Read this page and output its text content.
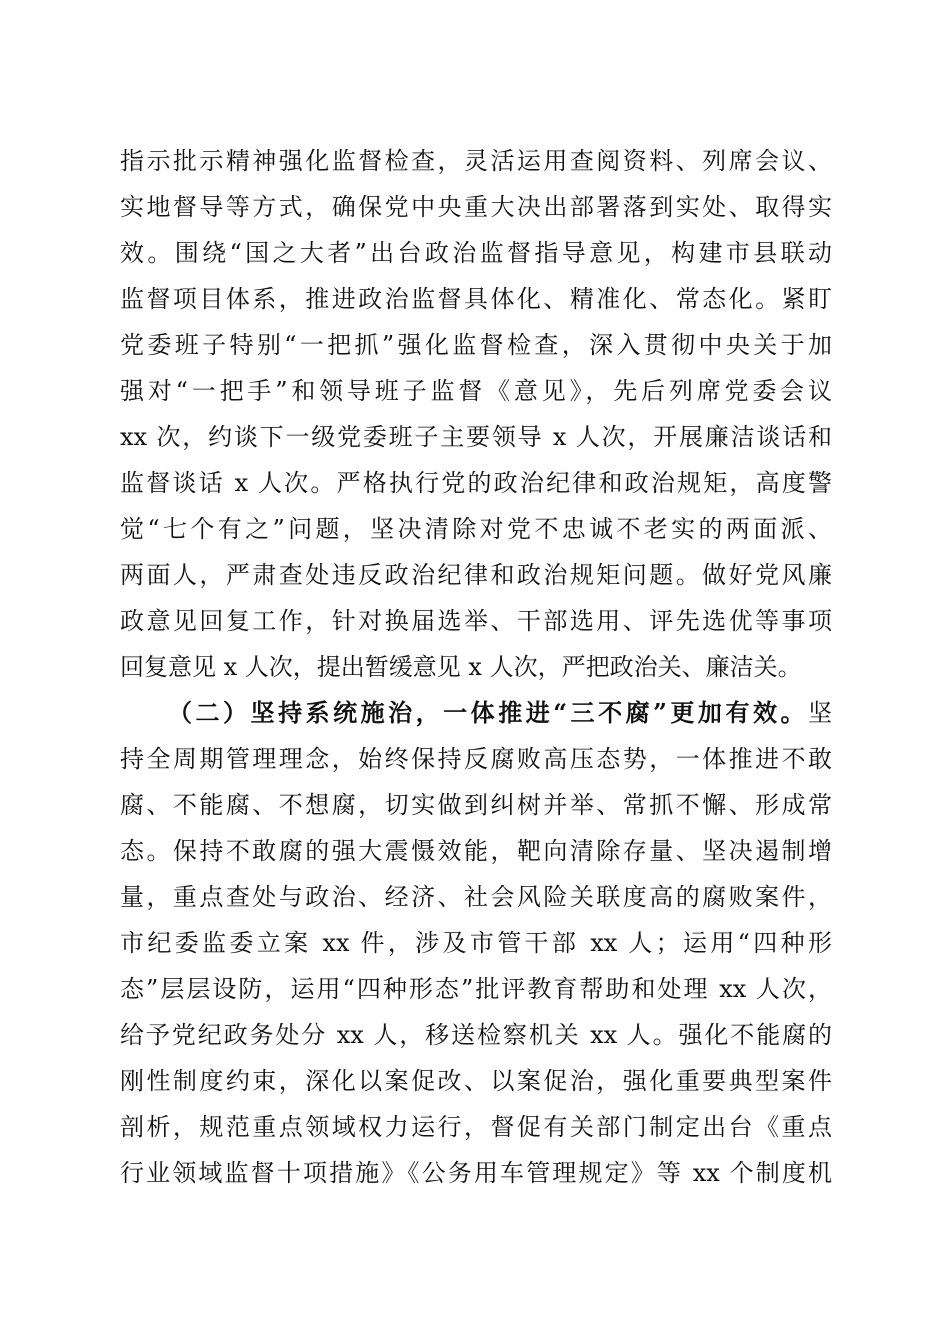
指示批示精神强化监督检查，灵活运用查阅资料、列席会议、
实地督导等方式，确保党中央重大决出部署落到实处、取得实
效。围绕“国之大者”出台政治监督指导意见，构建市县联动
监督项目体系，推进政治监督具体化、精准化、常态化。紧盯
党委班子特别“一把抓”强化监督检查，深入贯彻中央关于加
强对“一把手”和领导班子监督《意见》，先后列席党委会议
xx 次，约谈下一级党委班子主要领导 x 人次，开展廉洁谈话和
监督谈话 x 人次。严格执行党的政治纪律和政治规矩，高度警
觉“七个有之”问题，坚决清除对党不忠诚不老实的两面派、
两面人，严肃查处违反政治纪律和政治规矩问题。做好党风廉
政意见回复工作，针对换届选举、干部选用、评先选优等事项
回复意见 x 人次，提出暂缓意见 x 人次，严把政治关、廉洁关。
（二）坚持系统施治，一体推进“三不腐”更加有效。坚
持全周期管理理念，始终保持反腐败高压态势，一体推进不敢
腐、不能腐、不想腐，切实做到纠树并举、常抓不懈、形成常
态。保持不敢腐的强大震慑效能，靶向清除存量、坚决遏制增
量，重点查处与政治、经济、社会风险关联度高的腐败案件，
市纪委监委立案 xx 件，涉及市管干部 xx 人；运用“四种形
态”层层设防，运用“四种形态”批评教育帮助和处理 xx 人次，
给予党纪政务处分 xx 人，移送检察机关 xx 人。强化不能腐的
刚性制度约束，深化以案促改、以案促治，强化重要典型案件
剖析，规范重点领域权力运行，督促有关部门制定出台《重点
行业领域监督十项措施》《公务用车管理规定》等 xx 个制度机
